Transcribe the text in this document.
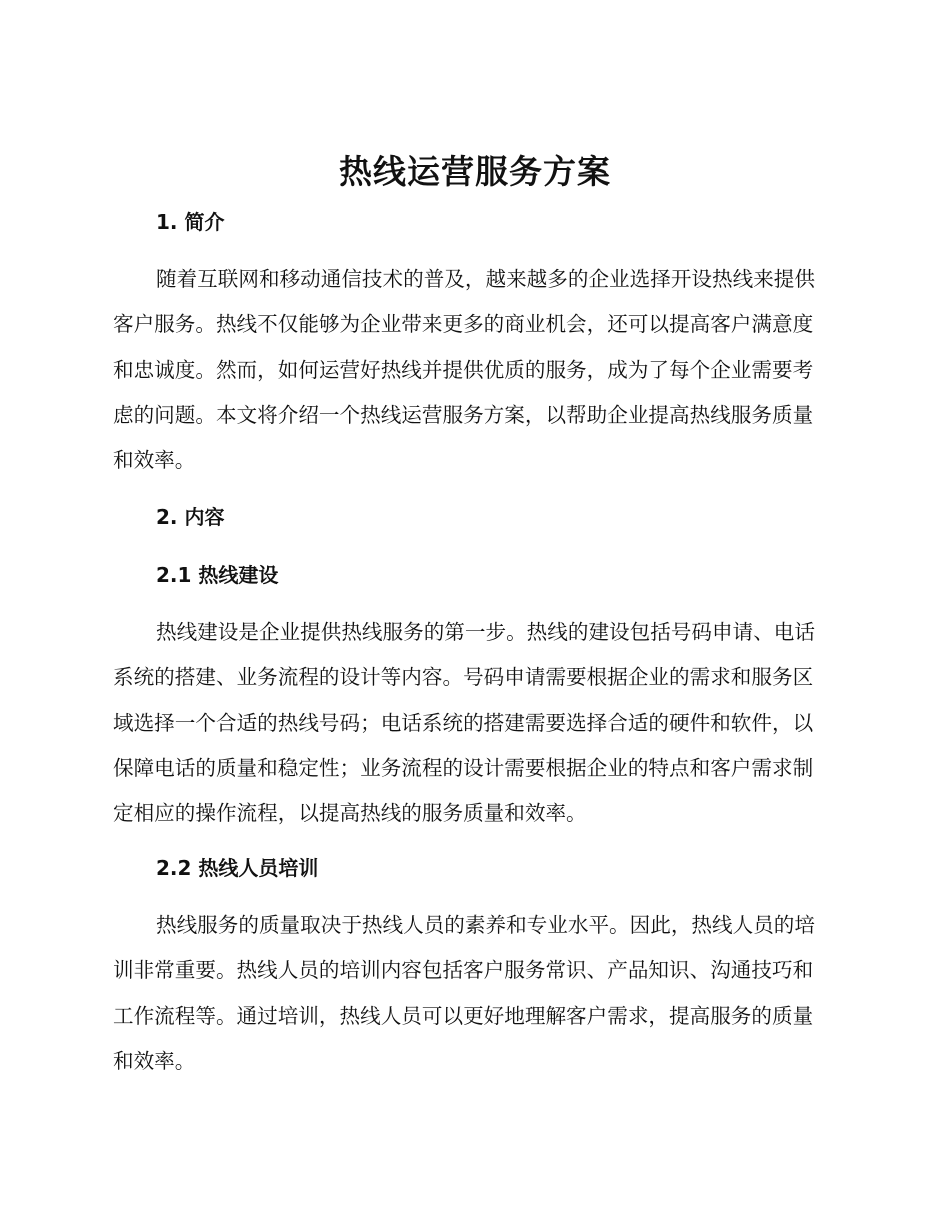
热线运营服务方案
1. 简介

随着互联网和移动通信技术的普及，越来越多的企业选择开设热线来提供客户服务。热线不仅能够为企业带来更多的商业机会，还可以提高客户满意度和忠诚度。然而，如何运营好热线并提供优质的服务，成为了每个企业需要考虑的问题。本文将介绍一个热线运营服务方案，以帮助企业提高热线服务质量和效率。

2. 内容
2.1 热线建设

热线建设是企业提供热线服务的第一步。热线的建设包括号码申请、电话系统的搭建、业务流程的设计等内容。号码申请需要根据企业的需求和服务区域选择一个合适的热线号码；电话系统的搭建需要选择合适的硬件和软件，以保障电话的质量和稳定性；业务流程的设计需要根据企业的特点和客户需求制定相应的操作流程，以提高热线的服务质量和效率。

2.2 热线人员培训

热线服务的质量取决于热线人员的素养和专业水平。因此，热线人员的培训非常重要。热线人员的培训内容包括客户服务常识、产品知识、沟通技巧和工作流程等。通过培训，热线人员可以更好地理解客户需求，提高服务的质量和效率。
